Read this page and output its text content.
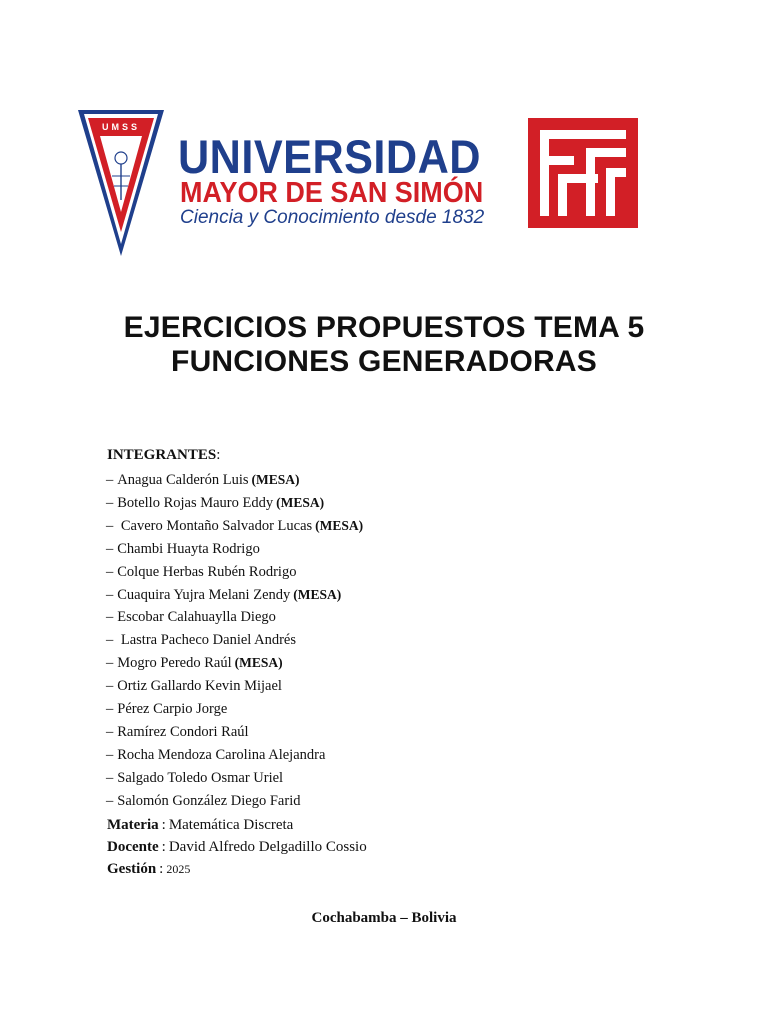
UMSS
UNIVERSIDAD
MAYOR DE SAN SIMÓN
Ciencia y Conocimiento desde 1832
EJERCICIOS PROPUESTOS TEMA 5
FUNCIONES GENERADORAS
INTEGRANTES:
– Anagua Calderón Luis (MESA)
– Botello Rojas Mauro Eddy (MESA)
– Cavero Montaño Salvador Lucas (MESA)
– Chambi Huayta Rodrigo
– Colque Herbas Rubén Rodrigo
– Cuaquira Yujra Melani Zendy (MESA)
– Escobar Calahuaylla Diego
– Lastra Pacheco Daniel Andrés
– Mogro Peredo Raúl (MESA)
– Ortiz Gallardo Kevin Mijael
– Pérez Carpio Jorge
– Ramírez Condori Raúl
– Rocha Mendoza Carolina Alejandra
– Salgado Toledo Osmar Uriel
– Salomón González Diego Farid
Materia : Matemática Discreta
Docente : David Alfredo Delgadillo Cossio
Gestión : 2025
Cochabamba – Bolivia
